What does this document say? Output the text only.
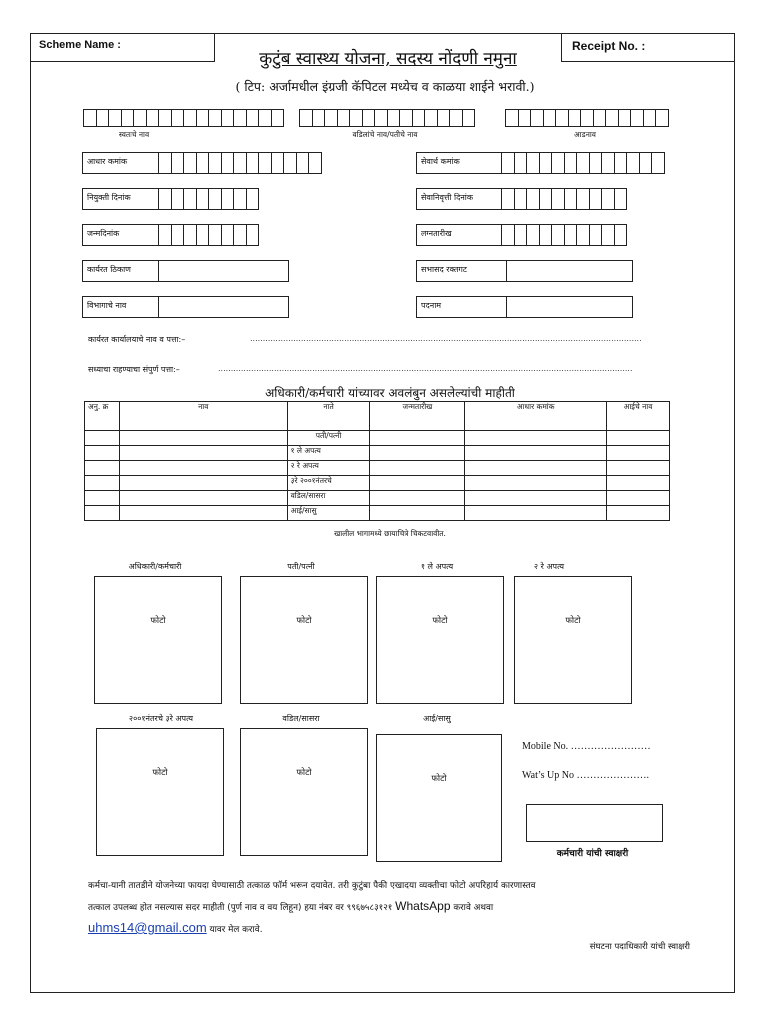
Scheme Name :	Receipt No. :
कुटुंब स्वास्थ्य योजना, सदस्य नोंदणी नमुना
( टिप: अर्जामधील इंग्रजी कॅपिटल मध्येच व काळया शाईने भरावी.)
स्वतःचे नाव	वडिलांचे नाव/पतीचे नाव	आडनाव
आधार कमांक	सेवार्थ कमांक
नियुक्ती दिनांक	सेवानिवृत्ती दिनांक
जन्मदिनांक	लग्नतारीख
कार्यरत ठिकाण	सभासद रक्तगट
विभागाचे नाव	पदनाम
कार्यरत कार्यालयाचे नाव व पत्ता:–	..........................................................................................................................................................
सध्याचा राहण्याचा संपुर्ण पत्ता:–	...................................................................................................................................................................
अधिकारी/कर्मचारी यांच्यावर अवलंबुन असलेल्यांची माहीती
अनु. क्र	नाव	नाते	जन्मतारीख	आधार कमांक	आईचे नाव
		पती/पत्नी			
		१ ले अपत्य			
		२ रे अपत्य			
		३रे २००१नंतरचे			
		वडिल/सासरा			
		आई/सासु			
खालील भागामध्ये छायाचित्रे चिकटवावीत.
अधिकारी/कर्मचारी	पती/पत्नी	१ ले अपत्य	२ रे अपत्य
फोटो	फोटो	फोटो	फोटो
२००१नंतरचे ३रे अपत्य	वडिल/सासरा	आई/सासु
फोटो	फोटो
फोटो
Mobile No. ……………………
Wat’s Up No ………………….
कर्मचारी यांची स्वाक्षरी
कर्मचा-यानी तातडीने योजनेच्या फायदा घेण्यासाठी तत्काळ फॉर्म भरून दयावेत. तरी कुटुंबा पैकी एखादया व्यक्तीचा फोटो अपरिहार्य कारणास्तव
तत्काल उपलब्ध होत नसल्यास सदर माहीती (पुर्ण नाव व वय लिहून) हया नंबर वर ९९६७५८३१२१ WhatsApp करावे अथवा
uhms14@gmail.com यावर मेल करावे.
संघटना पदाधिकारी यांची स्वाक्षरी
